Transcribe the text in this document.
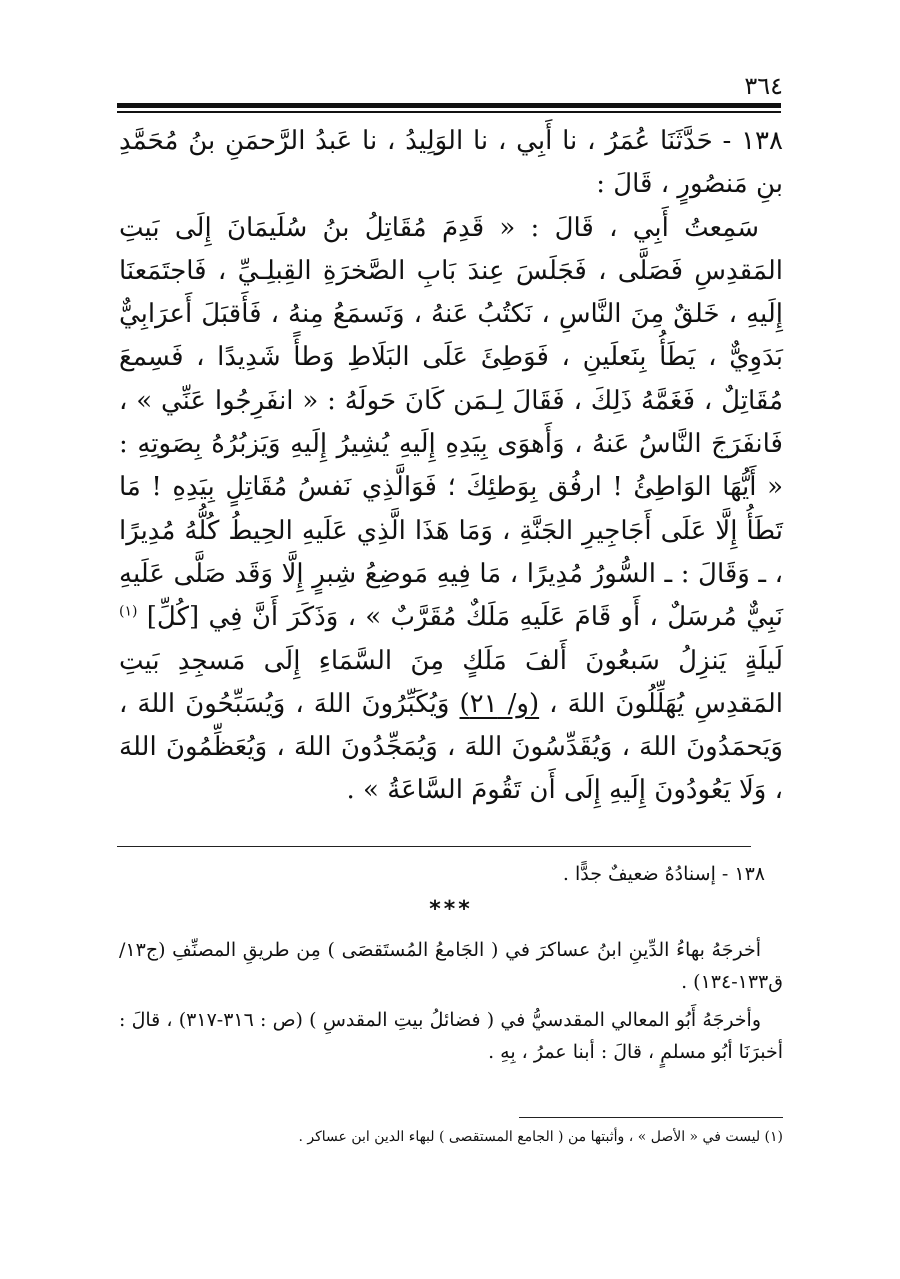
٣٦٤

١٣٨ - حَدَّثَنَا عُمَرُ ، نا أَبِي ، نا الوَلِيدُ ، نا عَبدُ الرَّحمَنِ بنُ مُحَمَّدِ بنِ مَنصُورٍ ، قَالَ :

سَمِعتُ أَبِي ، قَالَ : « قَدِمَ مُقَاتِلُ بنُ سُلَيمَانَ إِلَى بَيتِ المَقدِسِ فَصَلَّى ، فَجَلَسَ عِندَ بَابِ الصَّخرَةِ القِبلِـيِّ ، فَاجتَمَعنَا إِلَيهِ ، خَلقٌ مِنَ النَّاسِ ، نَكتُبُ عَنهُ ، وَنَسمَعُ مِنهُ ، فَأَقبَلَ أَعرَابِيٌّ بَدَوِيٌّ ، يَطَأُ بِنَعلَينِ ، فَوَطِئَ عَلَى البَلَاطِ وَطأً شَدِيدًا ، فَسِمعَ مُقَاتِلٌ ، فَغَمَّهُ ذَلِكَ ، فَقَالَ لِـمَن كَانَ حَولَهُ : « انفَرِجُوا عَنِّي » ، فَانفَرَجَ النَّاسُ عَنهُ ، وَأَهوَى بِيَدِهِ إِلَيهِ يُشِيرُ إِلَيهِ وَيَزبُرُهُ بِصَوتِهِ : « أَيُّهَا الوَاطِئُ ! ارفُق بِوَطئِكَ ؛ فَوَالَّذِي نَفسُ مُقَاتِلٍ بِيَدِهِ ! مَا تَطَأُ إِلَّا عَلَى أَجَاجِيرِ الجَنَّةِ ، وَمَا هَذَا الَّذِي عَلَيهِ الحِيطُ كُلُّهُ مُدِيرًا ، ـ وَقَالَ : ـ السُّورُ مُدِيرًا ، مَا فِيهِ مَوضِعُ شِبرٍ إِلَّا وَقَد صَلَّى عَلَيهِ نَبِيٌّ مُرسَلٌ ، أَو قَامَ عَلَيهِ مَلَكٌ مُقَرَّبٌ » ، وَذَكَرَ أَنَّ فِي [كُلِّ] $^{(١)}$ لَيلَةٍ يَنزِلُ سَبعُونَ أَلفَ مَلَكٍ مِنَ السَّمَاءِ إِلَى مَسجِدِ بَيتِ المَقدِسِ يُهَلِّلُونَ اللهَ ، (و/ ٢١) وَيُكَبِّرُونَ اللهَ ، وَيُسَبِّحُونَ اللهَ ، وَيَحمَدُونَ اللهَ ، وَيُقَدِّسُونَ اللهَ ، وَيُمَجِّدُونَ اللهَ ، وَيُعَظِّمُونَ اللهَ ، وَلَا يَعُودُونَ إِلَيهِ إِلَى أَن تَقُومَ السَّاعَةُ » .

١٣٨ - إسنادُهُ ضعيفٌ جدًّا .

***

أخرجَهُ بهاءُ الدِّينِ ابنُ عساكرَ في ( الجَامعُ المُستَقصَى ) مِن طريقِ المصنِّفِ (ج١٣/ ق١٣٣-١٣٤) .

وأخرجَهُ أَبُو المعالي المقدسيُّ في ( فضائلُ بيتِ المقدسِ ) (ص : ٣١٦-٣١٧) ، قالَ : أخبرَنَا أبُو مسلمٍ ، قالَ : أبنا عمرُ ، بِهِ .

(١) ليست في « الأصل » ، وأثبتها من ( الجامع المستقصى ) لبهاء الدين ابن عساكر .
